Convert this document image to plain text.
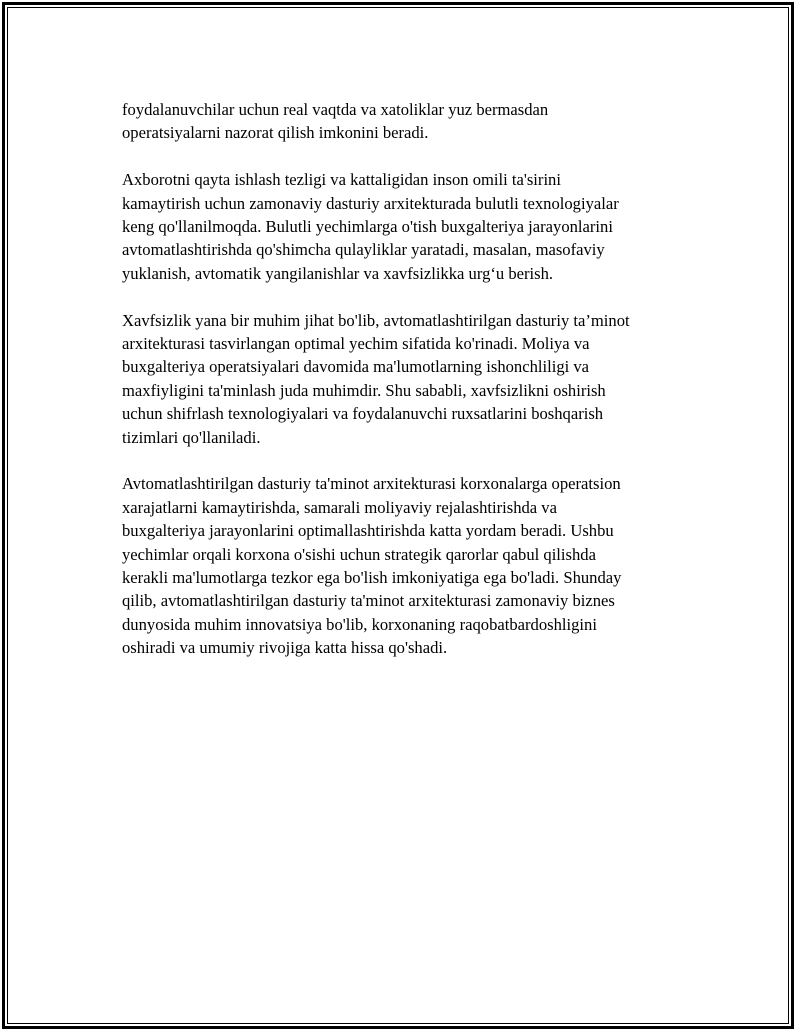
foydalanuvchilar uchun real vaqtda va xatoliklar yuz bermasdan
operatsiyalarni nazorat qilish imkonini beradi.

Axborotni qayta ishlash tezligi va kattaligidan inson omili ta'sirini
kamaytirish uchun zamonaviy dasturiy arxitekturada bulutli texnologiyalar
keng qo'llanilmoqda. Bulutli yechimlarga o'tish buxgalteriya jarayonlarini
avtomatlashtirishda qo'shimcha qulayliklar yaratadi, masalan, masofaviy
yuklanish, avtomatik yangilanishlar va xavfsizlikka urg‘u berish.

Xavfsizlik yana bir muhim jihat bo'lib, avtomatlashtirilgan dasturiy ta’minot
arxitekturasi tasvirlangan optimal yechim sifatida ko'rinadi. Moliya va
buxgalteriya operatsiyalari davomida ma'lumotlarning ishonchliligi va
maxfiyligini ta'minlash juda muhimdir. Shu sababli, xavfsizlikni oshirish
uchun shifrlash texnologiyalari va foydalanuvchi ruxsatlarini boshqarish
tizimlari qo'llaniladi.

Avtomatlashtirilgan dasturiy ta'minot arxitekturasi korxonalarga operatsion
xarajatlarni kamaytirishda, samarali moliyaviy rejalashtirishda va
buxgalteriya jarayonlarini optimallashtirishda katta yordam beradi. Ushbu
yechimlar orqali korxona o'sishi uchun strategik qarorlar qabul qilishda
kerakli ma'lumotlarga tezkor ega bo'lish imkoniyatiga ega bo'ladi. Shunday
qilib, avtomatlashtirilgan dasturiy ta'minot arxitekturasi zamonaviy biznes
dunyosida muhim innovatsiya bo'lib, korxonaning raqobatbardoshligini
oshiradi va umumiy rivojiga katta hissa qo'shadi.
